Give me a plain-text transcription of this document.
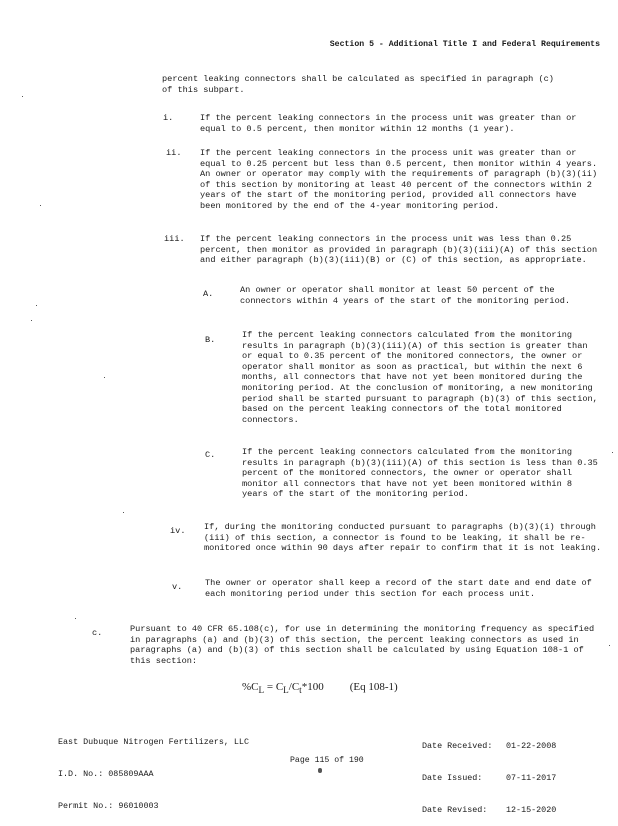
Section 5 - Additional Title I and Federal Requirements
percent leaking connectors shall be calculated as specified in paragraph (c)
of this subpart.
i.	If the percent leaking connectors in the process unit was greater than or equal to 0.5 percent, then monitor within 12 months (1 year).
ii. If the percent leaking connectors in the process unit was greater than or equal to 0.25 percent but less than 0.5 percent, then monitor within 4 years. An owner or operator may comply with the requirements of paragraph (b)(3)(ii) of this section by monitoring at least 40 percent of the connectors within 2 years of the start of the monitoring period, provided all connectors have been monitored by the end of the 4-year monitoring period.
iii. If the percent leaking connectors in the process unit was less than 0.25 percent, then monitor as provided in paragraph (b)(3)(iii)(A) of this section and either paragraph (b)(3)(iii)(B) or (C) of this section, as appropriate.
A.	An owner or operator shall monitor at least 50 percent of the connectors within 4 years of the start of the monitoring period.
B.	If the percent leaking connectors calculated from the monitoring results in paragraph (b)(3)(iii)(A) of this section is greater than or equal to 0.35 percent of the monitored connectors, the owner or operator shall monitor as soon as practical, but within the next 6 months, all connectors that have not yet been monitored during the monitoring period. At the conclusion of monitoring, a new monitoring period shall be started pursuant to paragraph (b)(3) of this section, based on the percent leaking connectors of the total monitored connectors.
C.	If the percent leaking connectors calculated from the monitoring results in paragraph (b)(3)(iii)(A) of this section is less than 0.35 percent of the monitored connectors, the owner or operator shall monitor all connectors that have not yet been monitored within 8 years of the start of the monitoring period.
iv. If, during the monitoring conducted pursuant to paragraphs (b)(3)(i) through (iii) of this section, a connector is found to be leaking, it shall be re-monitored once within 90 days after repair to confirm that it is not leaking.
v.	The owner or operator shall keep a record of the start date and end date of each monitoring period under this section for each process unit.
c.	Pursuant to 40 CFR 65.108(c), for use in determining the monitoring frequency as specified in paragraphs (a) and (b)(3) of this section, the percent leaking connectors as used in paragraphs (a) and (b)(3) of this section shall be calculated by using Equation 108-1 of this section:
$\%C_L = C_L/C_t*100$ (Eq 108-1)

East Dubuque Nitrogen Fertilizers, LLC

I.D. No.: 085809AAA

Permit No.: 96010003

Date Received: 01-22-2008

Date Issued:	07-11-2017

Date Revised: 12-15-2020

Page 115 of 190
